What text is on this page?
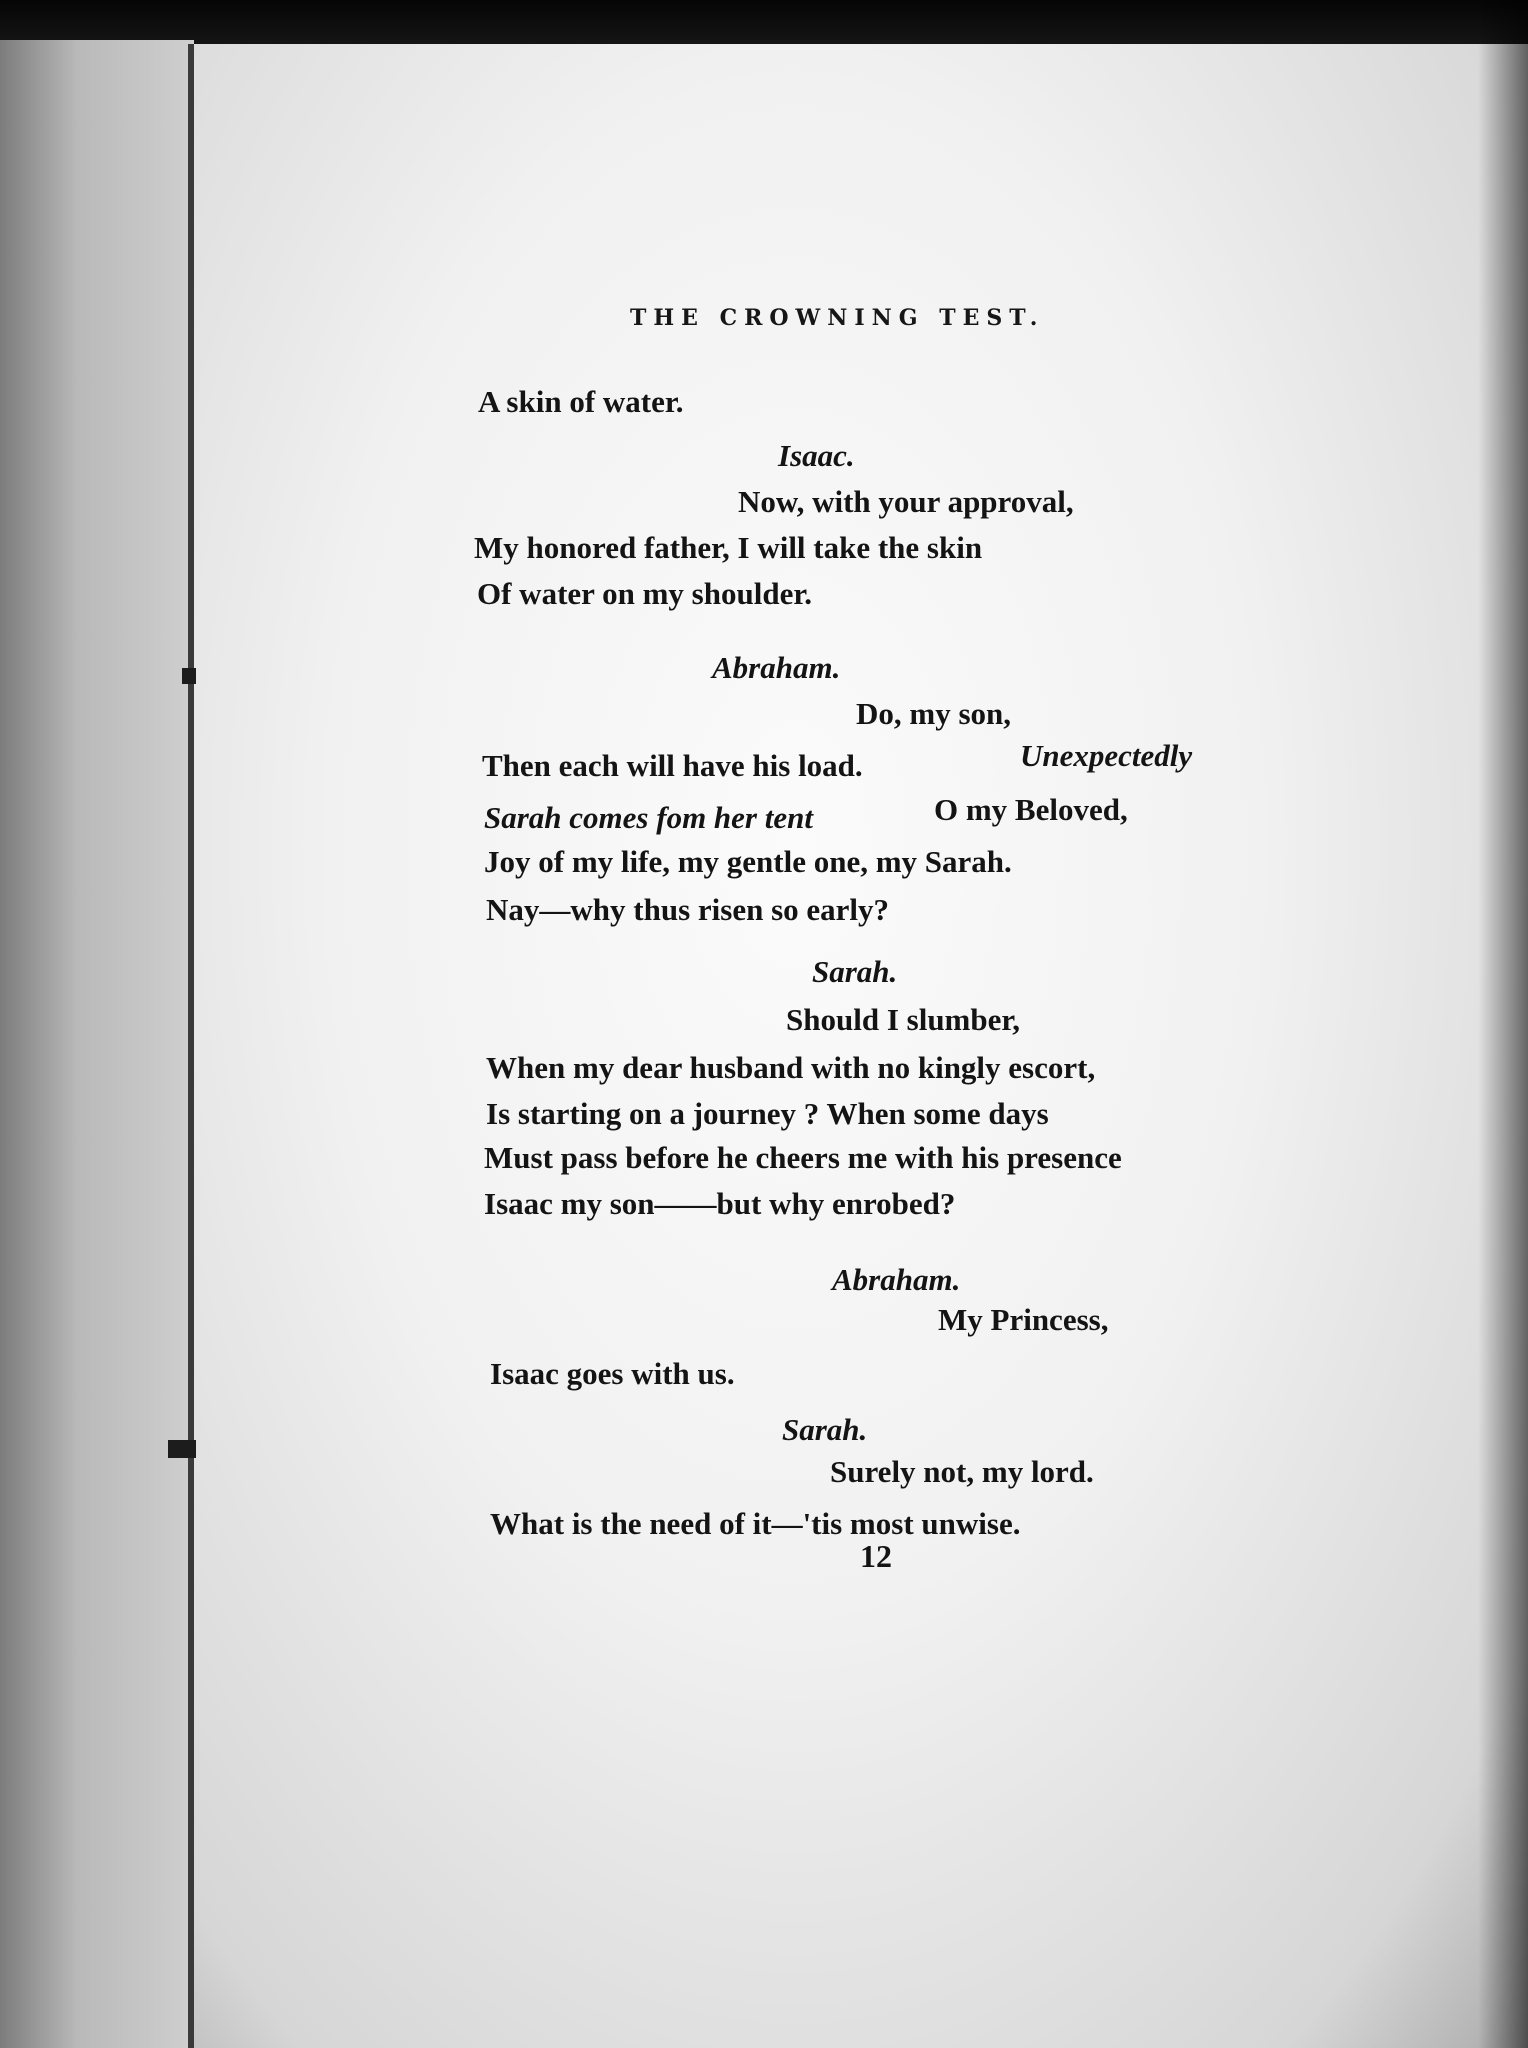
THE CROWNING TEST.
A skin of water.
Isaac.
Now, with your approval,
My honored father, I will take the skin
Of water on my shoulder.
Abraham.
Do, my son,
Then each will have his load.	Unexpectedly
Sarah comes fom her tent	O my Beloved,
Joy of my life, my gentle one, my Sarah.
Nay—why thus risen so early?
Sarah.
Should I slumber,
When my dear husband with no kingly escort,
Is starting on a journey ? When some days
Must pass before he cheers me with his presence
Isaac my son——but why enrobed?
Abraham.
My Princess,
Isaac goes with us.
Sarah.
Surely not, my lord.
What is the need of it—'tis most unwise.
12
